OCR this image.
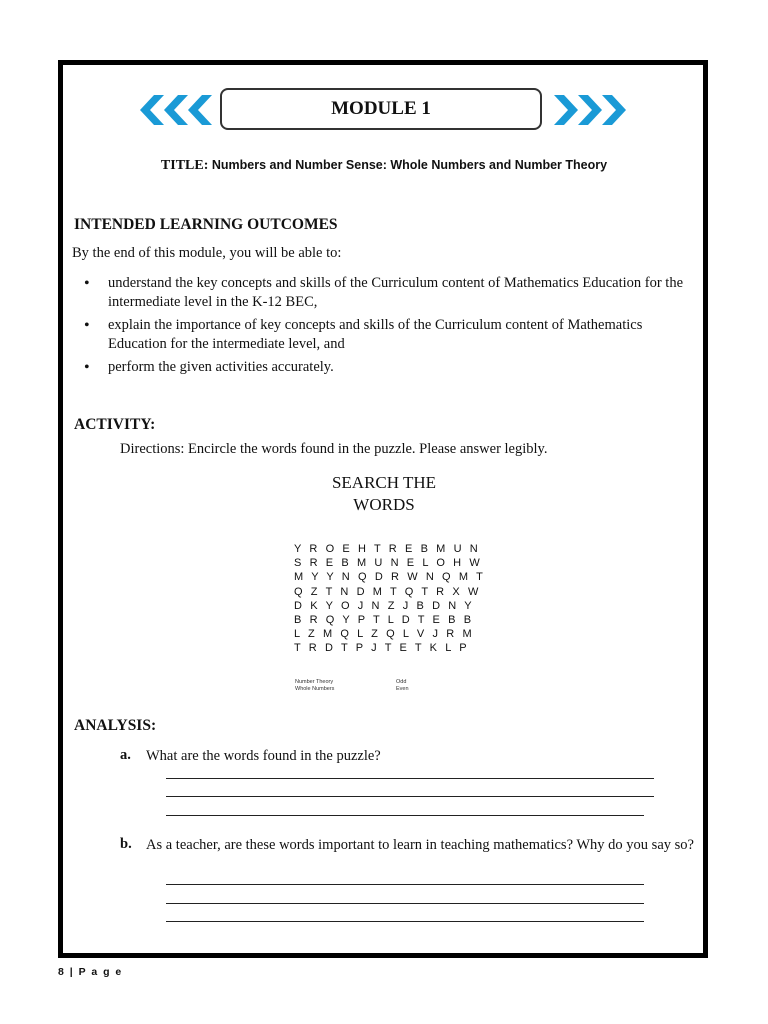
MODULE 1
TITLE: Numbers and Number Sense: Whole Numbers and Number Theory
INTENDED LEARNING OUTCOMES
By the end of this module, you will be able to:
• understand the key concepts and skills of the Curriculum content of Mathematics Education for the intermediate level in the K-12 BEC,
• explain the importance of key concepts and skills of the Curriculum content of Mathematics Education for the intermediate level, and
• perform the given activities accurately.
ACTIVITY:
Directions: Encircle the words found in the puzzle. Please answer legibly.
SEARCH THE
WORDS
Y R O E H T R E B M U N
S R E B M U N E L O H W
M Y Y N Q D R W N Q M T
Q Z T N D M T Q T R X W
D K Y O J N Z J B D N Y
B R Q Y P T L D T E B B
L Z M Q L Z Q L V J R M
T R D T P J T E T K L P
Number Theory
Whole Numbers
Odd
Even
ANALYSIS:
a. What are the words found in the puzzle?
b. As a teacher, are these words important to learn in teaching mathematics? Why do you say so?
8 | P a g e
